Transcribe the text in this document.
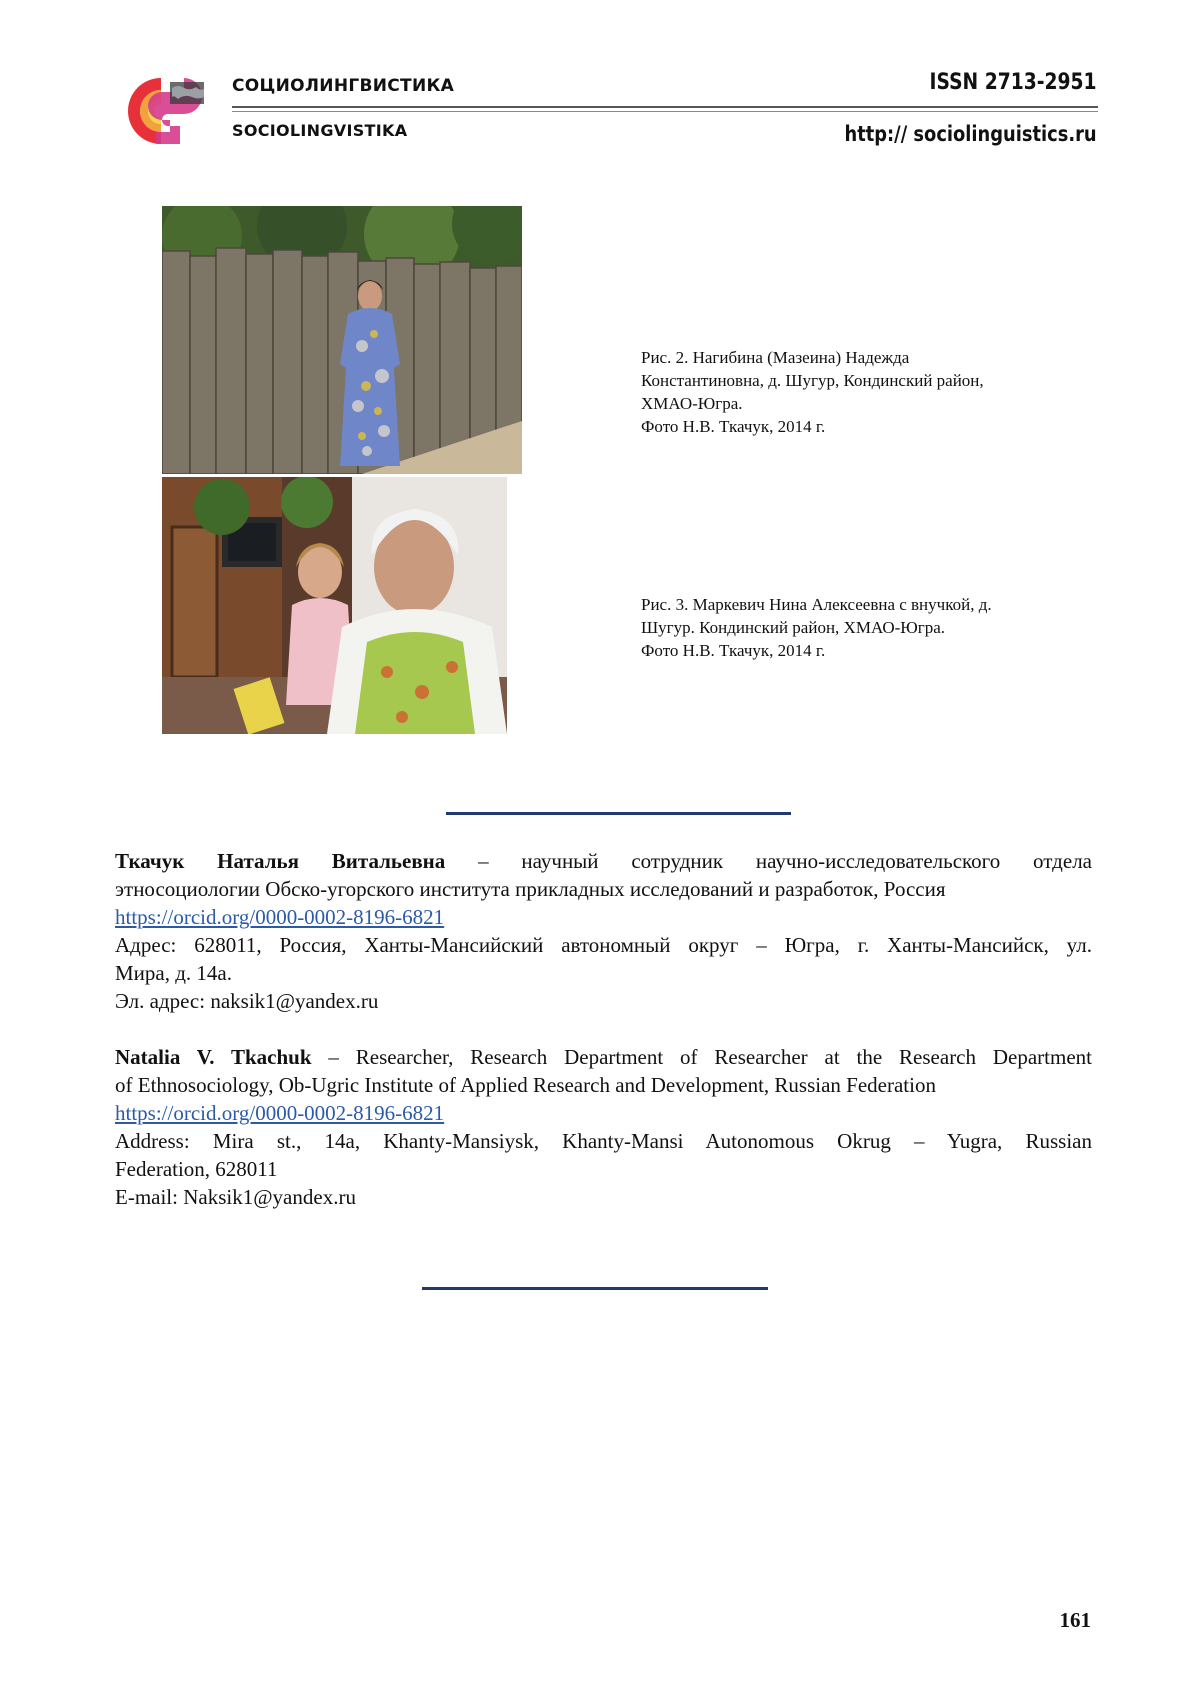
СОЦИОЛИНГВИСТИКА
SOCIOLINGVISTIKA
ISSN 2713-2951
http:// sociolinguistics.ru
Рис. 2. Нагибина (Мазеина) Надежда
Константиновна, д. Шугур, Кондинский район,
ХМАО-Югра.
Фото Н.В. Ткачук, 2014 г.
Рис. 3. Маркевич Нина Алексеевна с внучкой, д.
Шугур. Кондинский район, ХМАО-Югра.
Фото Н.В. Ткачук, 2014 г.

Ткачук Наталья Витальевна – научный сотрудник научно-исследовательского отдела

этносоциологии Обско-угорского института прикладных исследований и разработок, Россия

https://orcid.org/0000-0002-8196-6821

Адрес: 628011, Россия, Ханты-Мансийский автономный округ – Югра, г. Ханты-Мансийск, ул.

Мира, д. 14а.

Эл. адрес: naksik1@yandex.ru

Natalia V. Tkachuk – Researcher, Research Department of Researcher at the Research Department

of Ethnosociology, Ob-Ugric Institute of Applied Research and Development, Russian Federation

https://orcid.org/0000-0002-8196-6821

Address: Mira st., 14a, Khanty-Mansiysk, Khanty-Mansi Autonomous Okrug – Yugra, Russian

Federation, 628011

E-mail: Naksik1@yandex.ru

161
